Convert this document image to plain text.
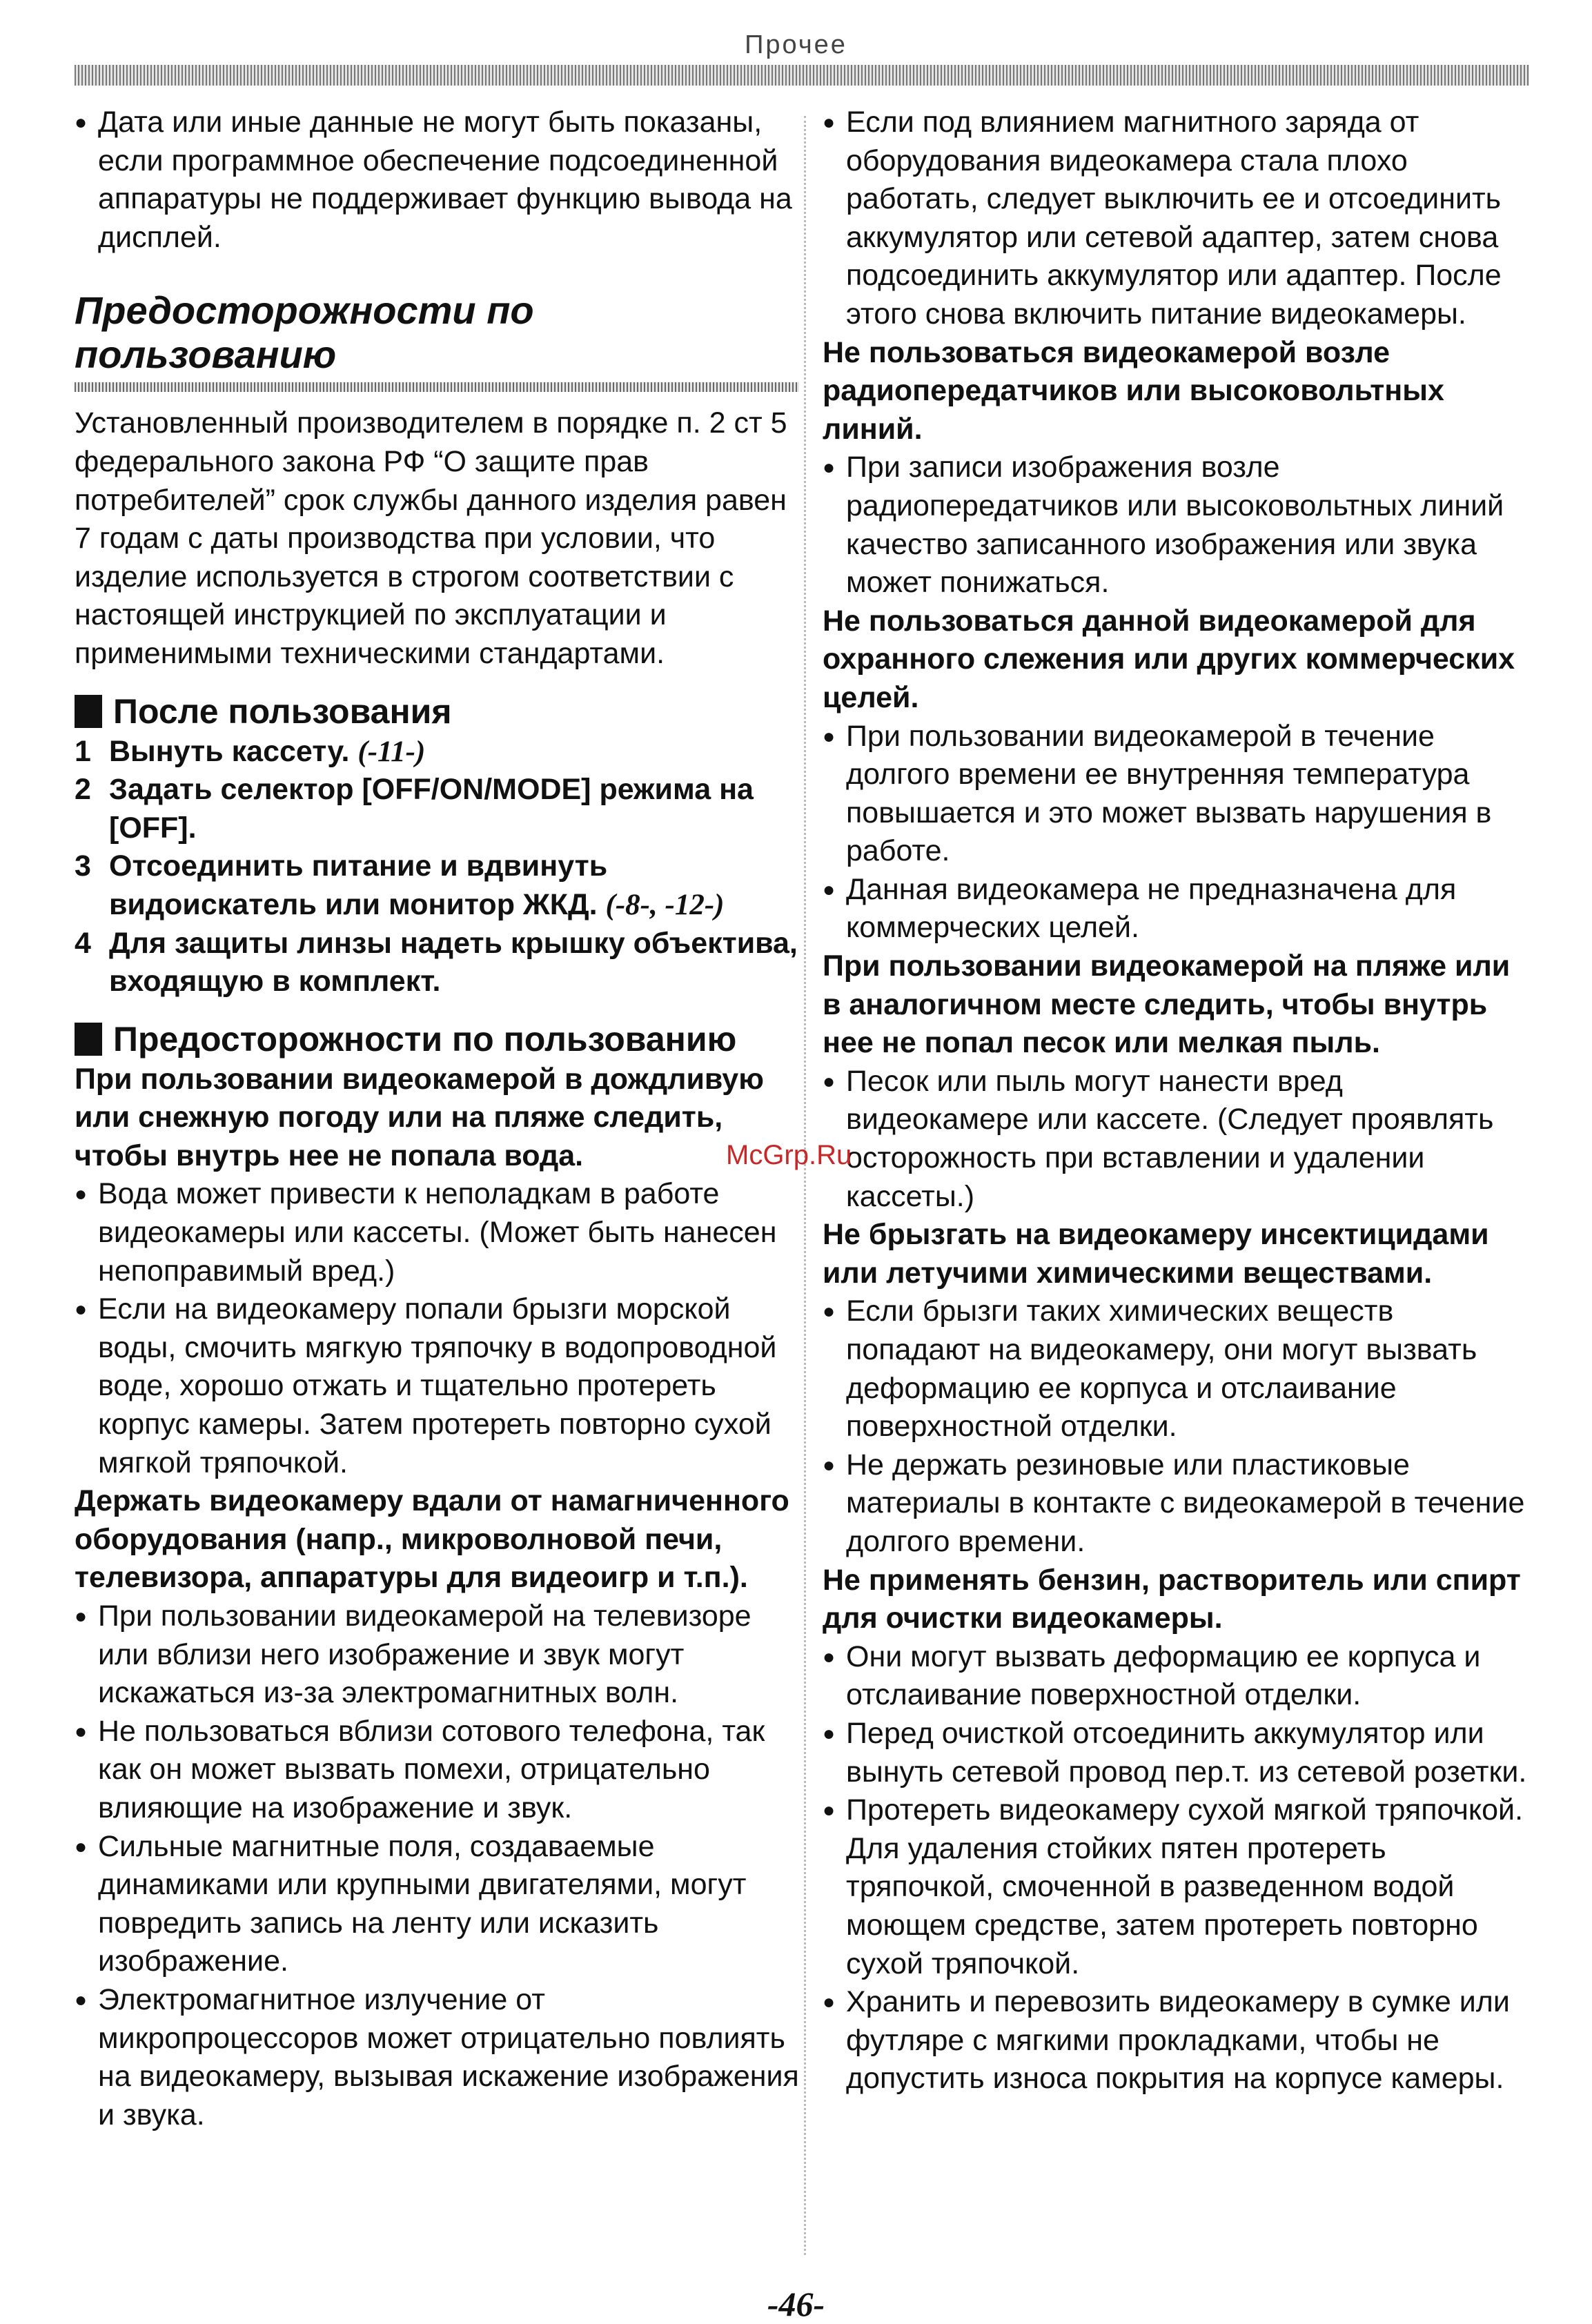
Прочее

● Дата или иные данные не могут быть показаны, если программное обеспечение подсоединенной аппаратуры не поддерживает функцию вывода на дисплей.

Предосторожности по пользованию

Установленный производителем в порядке п. 2 ст 5 федерального закона РФ “О защите прав потребителей” срок службы данного изделия равен 7 годам с даты производства при условии, что изделие используется в строгом соответствии с настоящей инструкцией по эксплуатации и применимыми техническими стандартами.

После пользования
1 Вынуть кассету. (-11-)
2 Задать селектор [OFF/ON/MODE] режима на [OFF].
3 Отсоединить питание и вдвинуть видоискатель или монитор ЖКД. (-8-, -12-)
4 Для защиты линзы надеть крышку объектива, входящую в комплект.
Предосторожности по пользованию

При пользовании видеокамерой в дождливую или снежную погоду или на пляже следить, чтобы внутрь нее не попала вода.

● Вода может привести к неполадкам в работе видеокамеры или кассеты. (Может быть нанесен непоправимый вред.)

● Если на видеокамеру попали брызги морской воды, смочить мягкую тряпочку в водопроводной воде, хорошо отжать и тщательно протереть корпус камеры. Затем протереть повторно сухой мягкой тряпочкой.

Держать видеокамеру вдали от намагниченного оборудования (напр., микроволновой печи, телевизора, аппаратуры для видеоигр и т.п.).

● При пользовании видеокамерой на телевизоре или вблизи него изображение и звук могут искажаться из-за электромагнитных волн.

● Не пользоваться вблизи сотового телефона, так как он может вызвать помехи, отрицательно влияющие на изображение и звук.

● Сильные магнитные поля, создаваемые динамиками или крупными двигателями, могут повредить запись на ленту или исказить изображение.

● Электромагнитное излучение от микропроцессоров может отрицательно повлиять на видеокамеру, вызывая искажение изображения и звука.

● Если под влиянием магнитного заряда от оборудования видеокамера стала плохо работать, следует выключить ее и отсоединить аккумулятор или сетевой адаптер, затем снова подсоединить аккумулятор или адаптер. После этого снова включить питание видеокамеры.

Не пользоваться видеокамерой возле радиопередатчиков или высоковольтных линий.

● При записи изображения возле радиопередатчиков или высоковольтных линий качество записанного изображения или звука может понижаться.

Не пользоваться данной видеокамерой для охранного слежения или других коммерческих целей.

● При пользовании видеокамерой в течение долгого времени ее внутренняя температура повышается и это может вызвать нарушения в работе.

● Данная видеокамера не предназначена для коммерческих целей.

При пользовании видеокамерой на пляже или в аналогичном месте следить, чтобы внутрь нее не попал песок или мелкая пыль.

● Песок или пыль могут нанести вред видеокамере или кассете. (Следует проявлять осторожность при вставлении и удалении кассеты.)

Не брызгать на видеокамеру инсектицидами или летучими химическими веществами.

● Если брызги таких химических веществ попадают на видеокамеру, они могут вызвать деформацию ее корпуса и отслаивание поверхностной отделки.

● Не держать резиновые или пластиковые материалы в контакте с видеокамерой в течение долгого времени.

Не применять бензин, растворитель или спирт для очистки видеокамеры.

● Они могут вызвать деформацию ее корпуса и отслаивание поверхностной отделки.

● Перед очисткой отсоединить аккумулятор или вынуть сетевой провод пер.т. из сетевой розетки.

● Протереть видеокамеру сухой мягкой тряпочкой. Для удаления стойких пятен протереть тряпочкой, смоченной в разведенном водой моющем средстве, затем протереть повторно сухой тряпочкой.

● Хранить и перевозить видеокамеру в сумке или футляре с мягкими прокладками, чтобы не допустить износа покрытия на корпусе камеры.

McGrp.Ru
-46-
